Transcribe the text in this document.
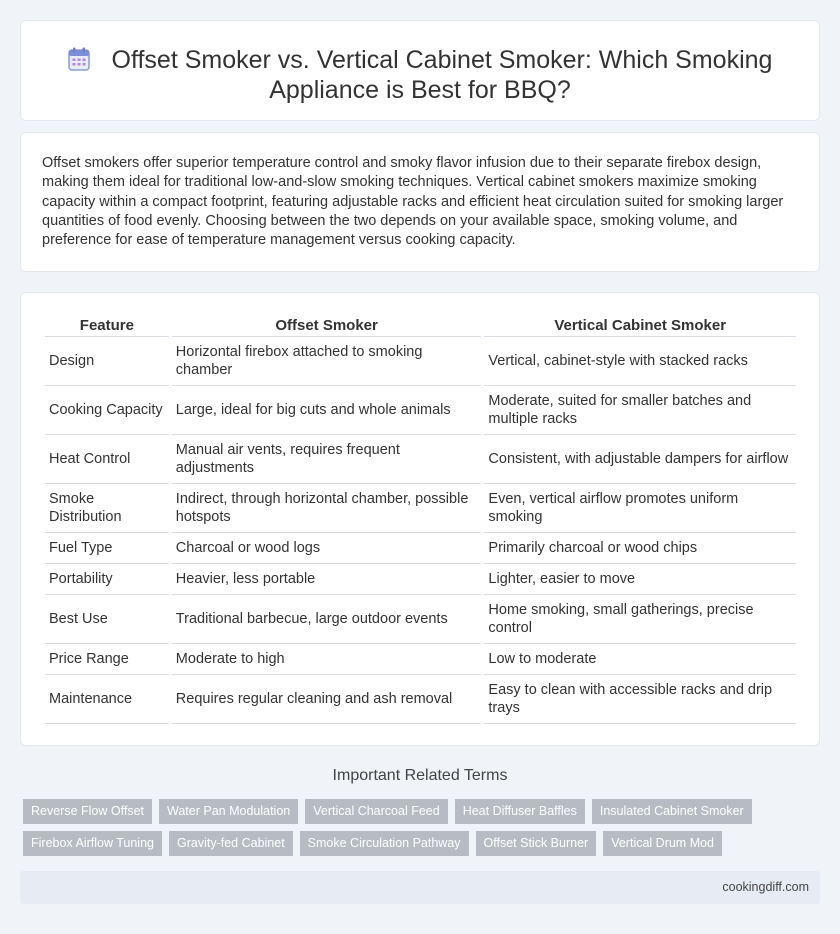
Offset Smoker vs. Vertical Cabinet Smoker: Which Smoking
Appliance is Best for BBQ?

Offset smokers offer superior temperature control and smoky flavor infusion due to their separate firebox design, making them ideal for traditional low-and-slow smoking techniques. Vertical cabinet smokers maximize smoking capacity within a compact footprint, featuring adjustable racks and efficient heat circulation suited for smoking larger quantities of food evenly. Choosing between the two depends on your available space, smoking volume, and preference for ease of temperature management versus cooking capacity.

Feature	Offset Smoker	Vertical Cabinet Smoker
Design	Horizontal firebox attached to smoking chamber	Vertical, cabinet-style with stacked racks
Cooking Capacity	Large, ideal for big cuts and whole animals	Moderate, suited for smaller batches and multiple racks
Heat Control	Manual air vents, requires frequent adjustments	Consistent, with adjustable dampers for airflow
Smoke Distribution	Indirect, through horizontal chamber, possible hotspots	Even, vertical airflow promotes uniform smoking
Fuel Type	Charcoal or wood logs	Primarily charcoal or wood chips
Portability	Heavier, less portable	Lighter, easier to move
Best Use	Traditional barbecue, large outdoor events	Home smoking, small gatherings, precise control
Price Range	Moderate to high	Low to moderate
Maintenance	Requires regular cleaning and ash removal	Easy to clean with accessible racks and drip trays
Important Related Terms
Reverse Flow Offset	Water Pan Modulation	Vertical Charcoal Feed	Heat Diffuser Baffles	Insulated Cabinet Smoker
Firebox Airflow Tuning	Gravity-fed Cabinet	Smoke Circulation Pathway	Offset Stick Burner	Vertical Drum Mod
cookingdiff.com
